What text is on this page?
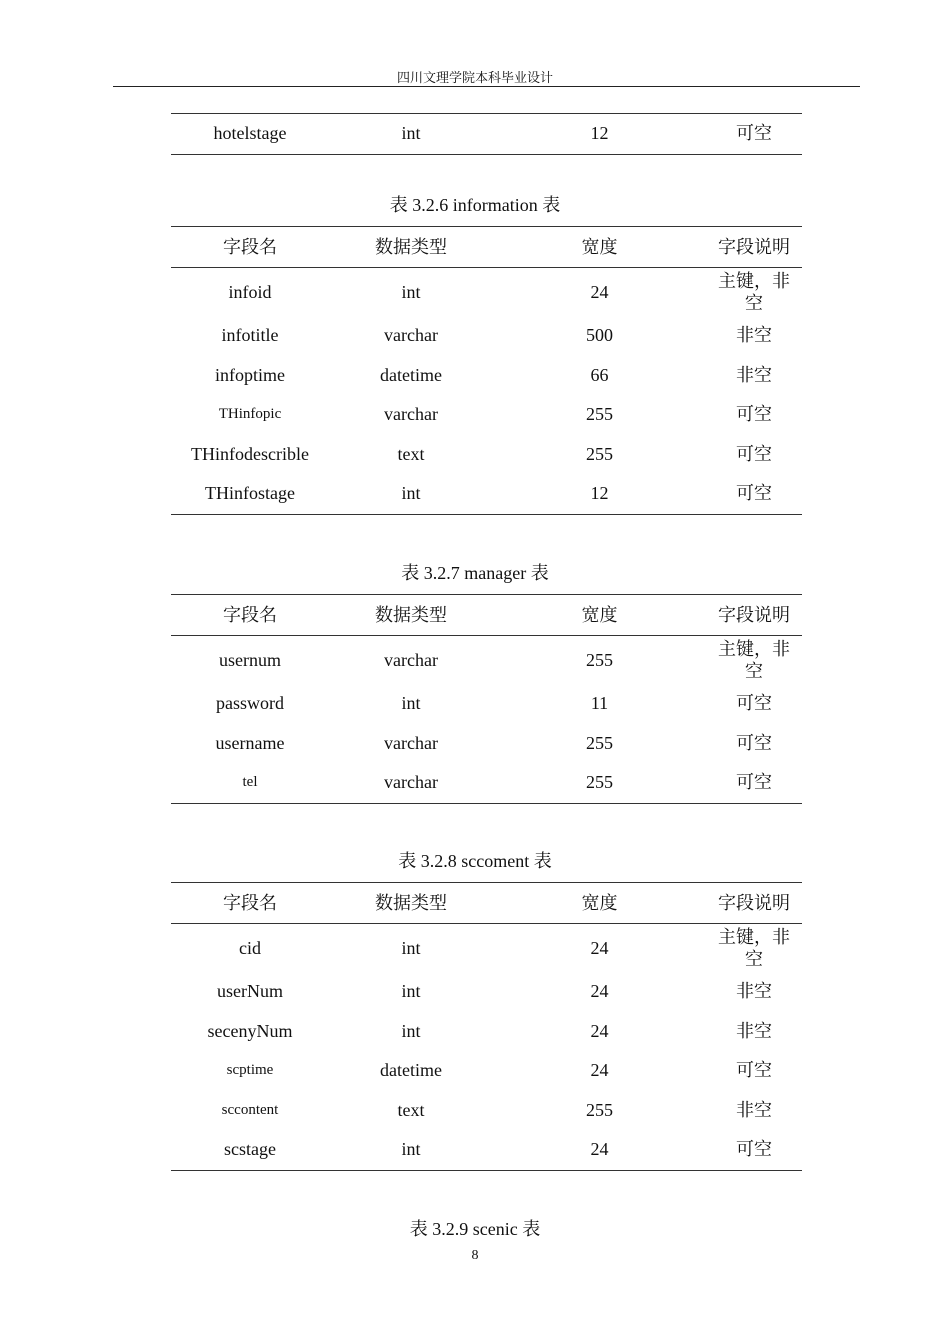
四川文理学院本科毕业设计
hotelstage	int	12	可空
表 3.2.6 information 表
字段名	数据类型	宽度	字段说明
infoid	int	24	主键，非空
infotitle	varchar	500	非空
infoptime	datetime	66	非空
THinfopic	varchar	255	可空
THinfodescrible	text	255	可空
THinfostage	int	12	可空
表 3.2.7 manager 表
字段名	数据类型	宽度	字段说明
usernum	varchar	255	主键，非空
password	int	11	可空
username	varchar	255	可空
tel	varchar	255	可空
表 3.2.8 sccoment 表
字段名	数据类型	宽度	字段说明
cid	int	24	主键，非空
userNum	int	24	非空
secenyNum	int	24	非空
scptime	datetime	24	可空
sccontent	text	255	非空
scstage	int	24	可空
表 3.2.9 scenic 表
8
